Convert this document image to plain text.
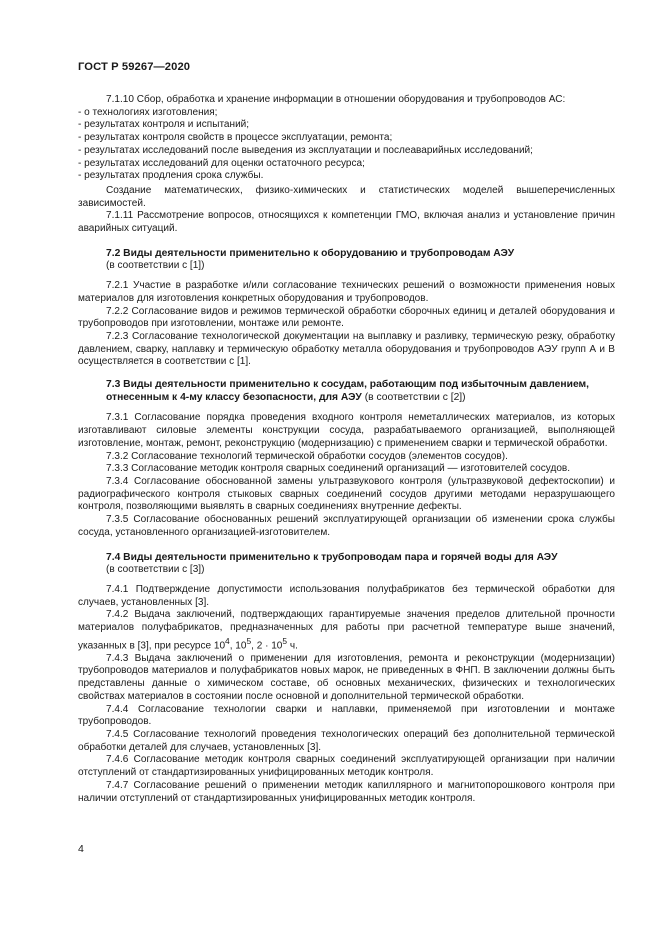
ГОСТ Р 59267—2020

7.1.10 Сбор, обработка и хранение информации в отношении оборудования и трубопроводов АС:

- о технологиях изготовления;

- результатах контроля и испытаний;

- результатах контроля свойств в процессе эксплуатации, ремонта;

- результатах исследований после выведения из эксплуатации и послеаварийных исследований;

- результатах исследований для оценки остаточного ресурса;

- результатах продления срока службы.

Создание математических, физико-химических и статистических моделей вышеперечисленных зависимостей.

7.1.11 Рассмотрение вопросов, относящихся к компетенции ГМО, включая анализ и установление причин аварийных ситуаций.

7.2 Виды деятельности применительно к оборудованию и трубопроводам АЭУ

(в соответствии с [1])

7.2.1 Участие в разработке и/или согласование технических решений о возможности применения новых материалов для изготовления конкретных оборудования и трубопроводов.

7.2.2 Согласование видов и режимов термической обработки сборочных единиц и деталей оборудования и трубопроводов при изготовлении, монтаже или ремонте.

7.2.3 Согласование технологической документации на выплавку и разливку, термическую резку, обработку давлением, сварку, наплавку и термическую обработку металла оборудования и трубопроводов АЭУ групп А и В осуществляется в соответствии с [1].

7.3 Виды деятельности применительно к сосудам, работающим под избыточным давлением, отнесенным к 4-му классу безопасности, для АЭУ (в соответствии с [2])

7.3.1 Согласование порядка проведения входного контроля неметаллических материалов, из которых изготавливают силовые элементы конструкции сосуда, разрабатываемого организацией, выполняющей изготовление, монтаж, ремонт, реконструкцию (модернизацию) с применением сварки и термической обработки.

7.3.2 Согласование технологий термической обработки сосудов (элементов сосудов).

7.3.3 Согласование методик контроля сварных соединений организаций — изготовителей сосудов.

7.3.4 Согласование обоснованной замены ультразвукового контроля (ультразвуковой дефектоскопии) и радиографического контроля стыковых сварных соединений сосудов другими методами неразрушающего контроля, позволяющими выявлять в сварных соединениях внутренние дефекты.

7.3.5 Согласование обоснованных решений эксплуатирующей организации об изменении срока службы сосуда, установленного организацией-изготовителем.

7.4 Виды деятельности применительно к трубопроводам пара и горячей воды для АЭУ

(в соответствии с [3])

7.4.1 Подтверждение допустимости использования полуфабрикатов без термической обработки для случаев, установленных [3].

7.4.2 Выдача заключений, подтверждающих гарантируемые значения пределов длительной прочности материалов полуфабрикатов, предназначенных для работы при расчетной температуре выше значений, указанных в [3], при ресурсе $10^4$, $10^5$, $2 \cdot 10^5$ ч.

7.4.3 Выдача заключений о применении для изготовления, ремонта и реконструкции (модернизации) трубопроводов материалов и полуфабрикатов новых марок, не приведенных в ФНП. В заключении должны быть представлены данные о химическом составе, об основных механических, физических и технологических свойствах материалов в состоянии после основной и дополнительной термической обработки.

7.4.4 Согласование технологии сварки и наплавки, применяемой при изготовлении и монтаже трубопроводов.

7.4.5 Согласование технологий проведения технологических операций без дополнительной термической обработки деталей для случаев, установленных [3].

7.4.6 Согласование методик контроля сварных соединений эксплуатирующей организации при наличии отступлений от стандартизированных унифицированных методик контроля.

7.4.7 Согласование решений о применении методик капиллярного и магнитопорошкового контроля при наличии отступлений от стандартизированных унифицированных методик контроля.

4
